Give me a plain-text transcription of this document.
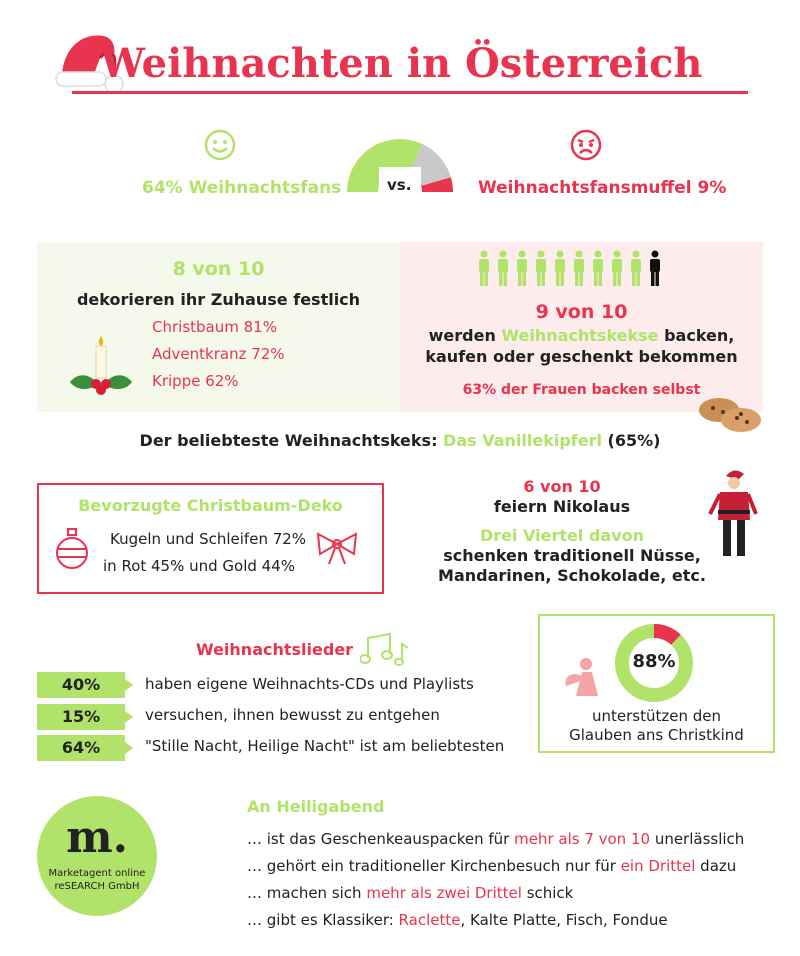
Weihnachten in Österreich
64% Weihnachtsfans	Weihnachtsfansmuffel 9%
vs.
8 von 10
dekorieren ihr Zuhause festlich
Christbaum 81%
Adventkranz 72%
Krippe 62%
9 von 10
werden Weihnachtskekse backen,
kaufen oder geschenkt bekommen
63% der Frauen backen selbst
Der beliebteste Weihnachtskeks: Das Vanillekipferl (65%)
Bevorzugte Christbaum-Deko
Kugeln und Schleifen 72%
in Rot 45% und Gold 44%
6 von 10
feiern Nikolaus
Drei Viertel davon
schenken traditionell Nüsse,
Mandarinen, Schokolade, etc.
Weihnachtslieder
40%	haben eigene Weihnachts-CDs und Playlists
15%	versuchen, ihnen bewusst zu entgehen
64%	"Stille Nacht, Heilige Nacht" ist am beliebtesten
88%
unterstützen den
Glauben ans Christkind
m.
Marketagent online
reSEARCH GmbH
An Heiligabend
… ist das Geschenkeauspacken für mehr als 7 von 10 unerlässlich
… gehört ein traditioneller Kirchenbesuch nur für ein Drittel dazu
… machen sich mehr als zwei Drittel schick
… gibt es Klassiker: Raclette, Kalte Platte, Fisch, Fondue
